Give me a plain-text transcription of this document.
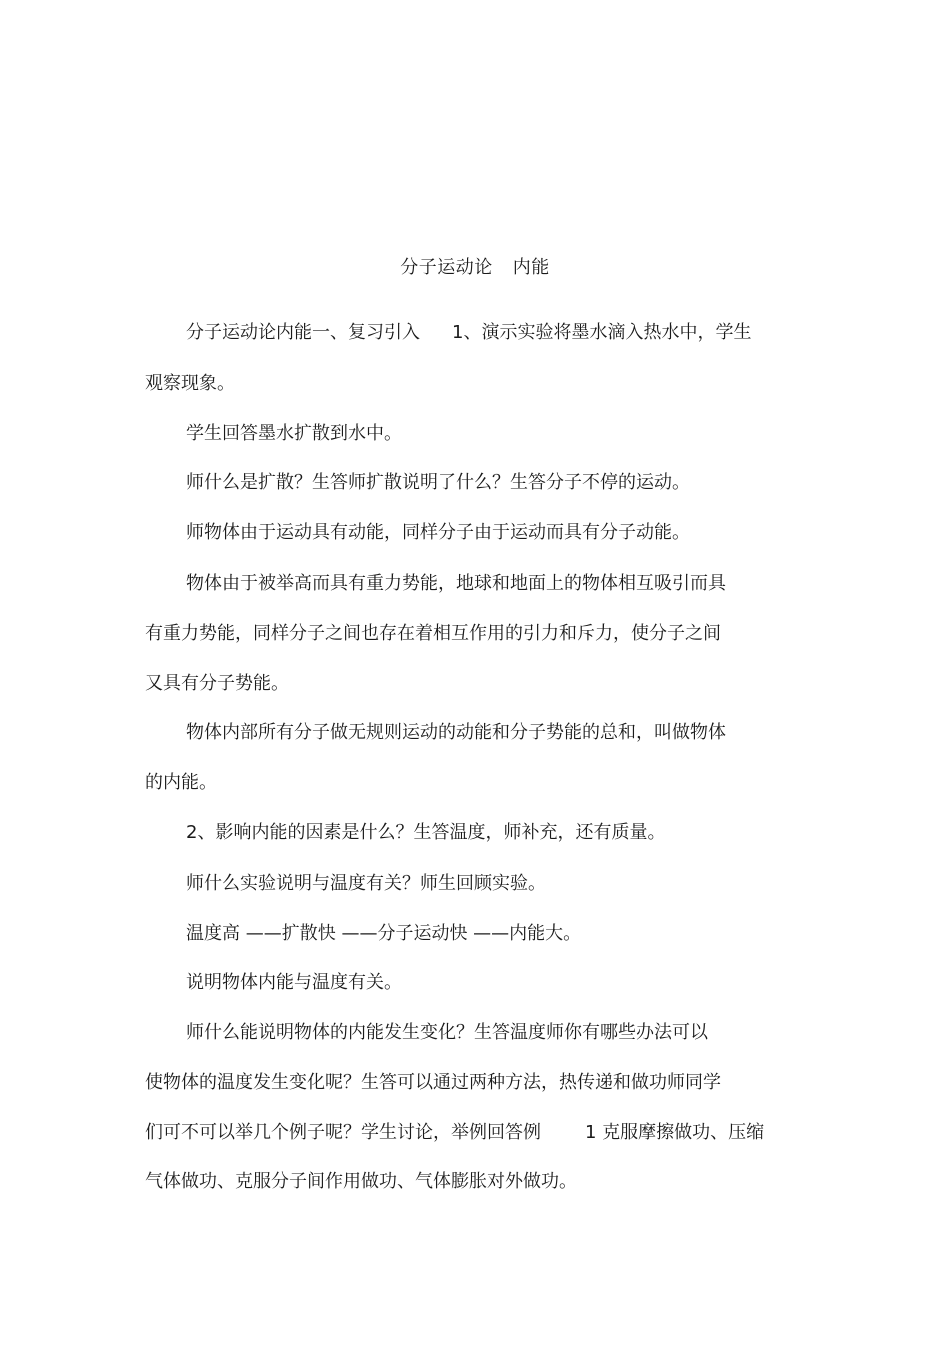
分子运动论 内能
分子运动论内能一、复习引入 1、演示实验将墨水滴入热水中，学生
观察现象。
学生回答墨水扩散到水中。
师什么是扩散？生答师扩散说明了什么？生答分子不停的运动。
师物体由于运动具有动能，同样分子由于运动而具有分子动能。
物体由于被举高而具有重力势能，地球和地面上的物体相互吸引而具
有重力势能，同样分子之间也存在着相互作用的引力和斥力，使分子之间
又具有分子势能。
物体内部所有分子做无规则运动的动能和分子势能的总和，叫做物体
的内能。
2、影响内能的因素是什么？生答温度，师补充，还有质量。
师什么实验说明与温度有关？师生回顾实验。
温度高 ——扩散快 ——分子运动快 ——内能大。
说明物体内能与温度有关。
师什么能说明物体的内能发生变化？生答温度师你有哪些办法可以
使物体的温度发生变化呢？生答可以通过两种方法，热传递和做功师同学
们可不可以举几个例子呢？学生讨论，举例回答例 1 克服摩擦做功、压缩
气体做功、克服分子间作用做功、气体膨胀对外做功。
